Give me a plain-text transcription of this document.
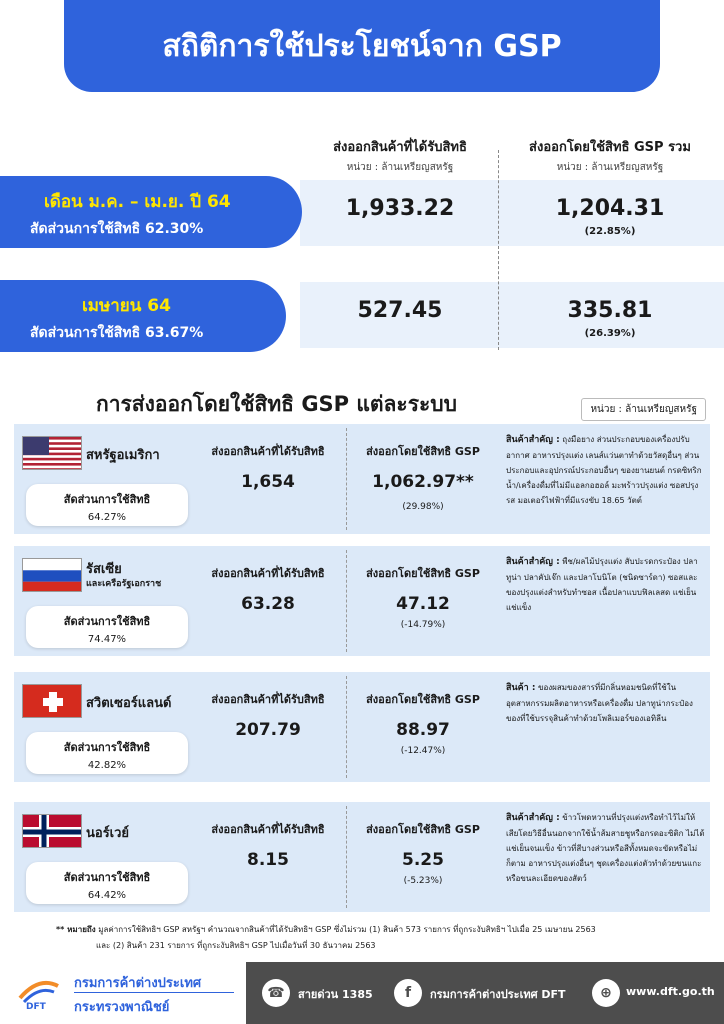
สถิติการใช้ประโยชน์จาก GSP
ส่งออกสินค้าที่ได้รับสิทธิ	ส่งออกโดยใช้สิทธิ GSP รวม
หน่วย : ล้านเหรียญสหรัฐ	หน่วย : ล้านเหรียญสหรัฐ
เดือน ม.ค. – เม.ย. ปี 64
สัดส่วนการใช้สิทธิ 62.30%
1,933.22	1,204.31
(22.85%)
เมษายน 64
สัดส่วนการใช้สิทธิ 63.67%
527.45	335.81
(26.39%)
การส่งออกโดยใช้สิทธิ GSP แต่ละระบบ	หน่วย : ล้านเหรียญสหรัฐ
สหรัฐอเมริกา
สัดส่วนการใช้สิทธิ
64.27%
ส่งออกสินค้าที่ได้รับสิทธิ	ส่งออกโดยใช้สิทธิ GSP
1,654	1,062.97**
(29.98%)
สินค้าสำคัญ : ถุงมือยาง ส่วนประกอบของเครื่องปรับอากาศ อาหารปรุงแต่ง เลนส์แว่นตาทำด้วยวัสดุอื่นๆ ส่วนประกอบและอุปกรณ์ประกอบอื่นๆ ของยานยนต์ กรดซิทริก น้ำ/เครื่องดื่มที่ไม่มีแอลกอฮอล์ มะพร้าวปรุงแต่ง ซอสปรุงรส มอเตอร์ไฟฟ้าที่มีแรงขับ 18.65 วัตต์
รัสเซีย
และเครือรัฐเอกราช
สัดส่วนการใช้สิทธิ
74.47%
ส่งออกสินค้าที่ได้รับสิทธิ	ส่งออกโดยใช้สิทธิ GSP
63.28	47.12
(-14.79%)
สินค้าสำคัญ : พืช/ผลไม้ปรุงแต่ง สับปะรดกระป๋อง ปลาทูน่า ปลาคัปเจ๊ก และปลาโบนิโต (ชนิดซาร์ดา) ซอสและของปรุงแต่งสำหรับทำซอส เนื้อปลาแบบฟิลเลสด แช่เย็น แช่แข็ง
สวิตเซอร์แลนด์
สัดส่วนการใช้สิทธิ
42.82%
ส่งออกสินค้าที่ได้รับสิทธิ	ส่งออกโดยใช้สิทธิ GSP
207.79	88.97
(-12.47%)
สินค้า : ของผสมของสารที่มีกลิ่นหอมชนิดที่ใช้ในอุตสาหกรรมผลิตอาหารหรือเครื่องดื่ม ปลาทูน่ากระป๋อง ของที่ใช้บรรจุสินค้าทำด้วยโพลิเมอร์ของเอทิลีน
นอร์เวย์
สัดส่วนการใช้สิทธิ
64.42%
ส่งออกสินค้าที่ได้รับสิทธิ	ส่งออกโดยใช้สิทธิ GSP
8.15	5.25
(-5.23%)
สินค้าสำคัญ : ข้าวโพดหวานที่ปรุงแต่งหรือทำไว้ไม่ให้เสียโดยวิธีอื่นนอกจากใช้น้ำส้มสายชูหรือกรดอะซิติก ไม่ได้แช่เย็นจนแข็ง ข้าวที่สีบางส่วนหรือสีทั้งหมดจะขัดหรือไม่ก็ตาม อาหารปรุงแต่งอื่นๆ ชุดเครื่องแต่งตัวทำด้วยขนแกะ หรือขนละเอียดของสัตว์
** หมายถึง มูลค่าการใช้สิทธิฯ GSP สหรัฐฯ คำนวณจากสินค้าที่ได้รับสิทธิฯ GSP ซึ่งไม่รวม (1) สินค้า 573 รายการ ที่ถูกระงับสิทธิฯ ไปเมื่อ 25 เมษายน 2563
และ (2) สินค้า 231 รายการ ที่ถูกระงับสิทธิฯ GSP ไปเมื่อวันที่ 30 ธันวาคม 2563
DFT
กรมการค้าต่างประเทศ
กระทรวงพาณิชย์
☎	สายด่วน 1385	f	กรมการค้าต่างประเทศ DFT	⊕	www.dft.go.th
